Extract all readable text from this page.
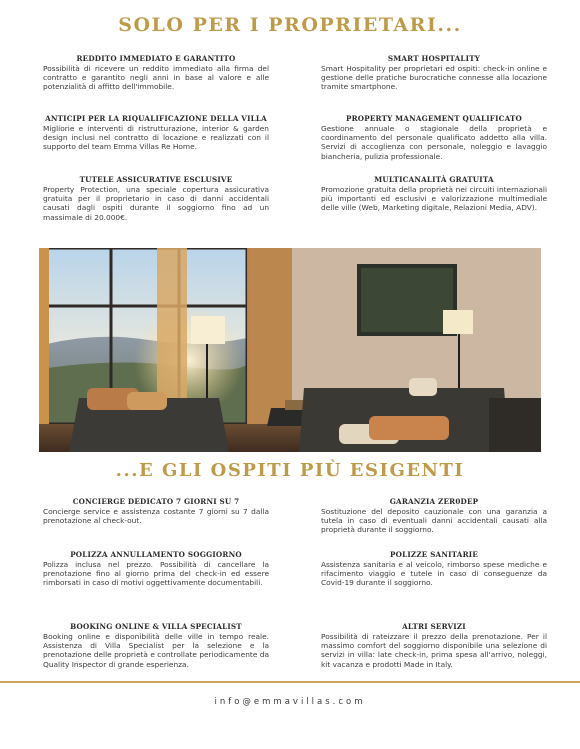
SOLO PER I PROPRIETARI...
REDDITO IMMEDIATO E GARANTITO

Possibilità di ricevere un reddito immediato alla firma del contratto e garantito negli anni in base al valore e alle potenzialità di affitto dell'immobile.

ANTICIPI PER LA RIQUALIFICAZIONE DELLA VILLA

Migliorie e interventi di ristrutturazione, interior & garden design inclusi nel contratto di locazione e realizzati con il supporto del team Emma Villas Re Home.

TUTELE ASSICURATIVE ESCLUSIVE

Property Protection, una speciale copertura assicurativa gratuita per il proprietario in caso di danni accidentali causati dagli ospiti durante il soggiorno fino ad un massimale di 20.000€.

SMART HOSPITALITY

Smart Hospitality per proprietari ed ospiti: check-in online e gestione delle pratiche burocratiche connesse alla locazione tramite smartphone.

PROPERTY MANAGEMENT QUALIFICATO

Gestione annuale o stagionale della proprietà e coordinamento del personale qualificato addetto alla villa. Servizi di accoglienza con personale, noleggio e lavaggio biancheria, pulizia professionale.

MULTICANALITÀ GRATUITA

Promozione gratuita della proprietà nei circuiti internazionali più importanti ed esclusivi e valorizzazione multimediale delle ville (Web, Marketing digitale, Relazioni Media, ADV).

...E GLI OSPITI PIÙ ESIGENTI
CONCIERGE DEDICATO 7 GIORNI SU 7

Concierge service e assistenza costante 7 giorni su 7 dalla prenotazione al check-out.

POLIZZA ANNULLAMENTO SOGGIORNO

Polizza inclusa nel prezzo. Possibilità di cancellare la prenotazione fino al giorno prima del check-in ed essere rimborsati in caso di motivi oggettivamente documentabili.

BOOKING ONLINE & VILLA SPECIALIST

Booking online e disponibilità delle ville in tempo reale. Assistenza di Villa Specialist per la selezione e la prenotazione delle proprietà e controllate periodicamente da Quality Inspector di grande esperienza.

GARANZIA ZER0DEP

Sostituzione del deposito cauzionale con una garanzia a tutela in caso di eventuali danni accidentali causati alla proprietà durante il soggiorno.

POLIZZE SANITARIE

Assistenza sanitaria e al veicolo, rimborso spese mediche e rifacimento viaggio e tutele in caso di conseguenze da Covid-19 durante il soggiorno.

ALTRI SERVIZI

Possibilità di rateizzare il prezzo della prenotazione. Per il massimo comfort del soggiorno disponibile una selezione di servizi in villa: late check-in, prima spesa all'arrivo, noleggi, kit vacanza e prodotti Made in Italy.

info@emmavillas.com
